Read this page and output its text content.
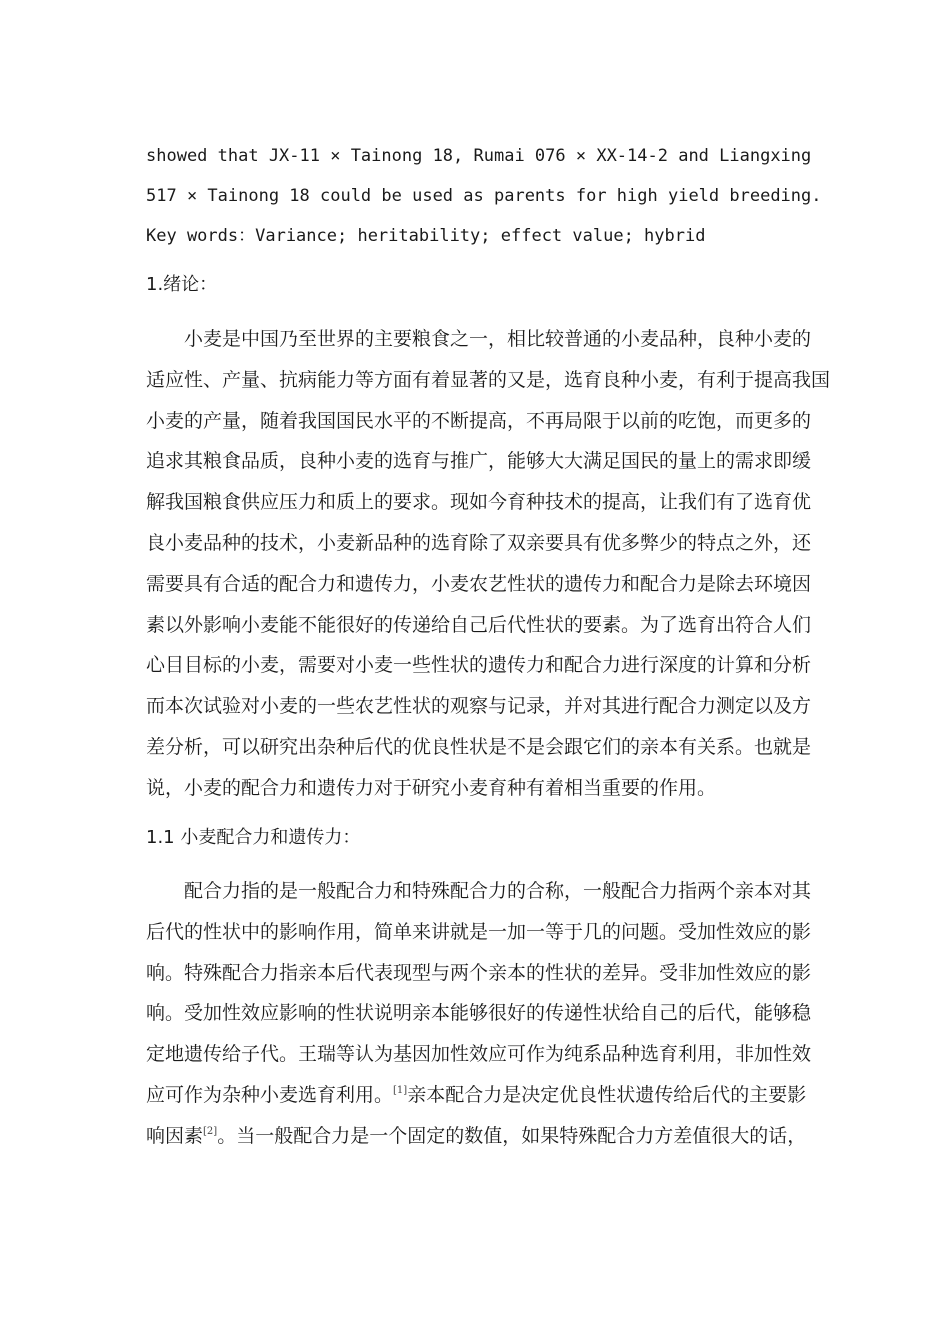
showed that JX-11 × Tainong 18, Rumai 076 × XX-14-2 and Liangxing
517 × Tainong 18 could be used as parents for high yield breeding.
Key words：Variance; heritability; effect value; hybrid
1.绪论：
小麦是中国乃至世界的主要粮食之一，相比较普通的小麦品种，良种小麦的
适应性、产量、抗病能力等方面有着显著的又是，选育良种小麦，有利于提高我国
小麦的产量，随着我国国民水平的不断提高，不再局限于以前的吃饱，而更多的
追求其粮食品质，良种小麦的选育与推广，能够大大满足国民的量上的需求即缓
解我国粮食供应压力和质上的要求。现如今育种技术的提高，让我们有了选育优
良小麦品种的技术，小麦新品种的选育除了双亲要具有优多弊少的特点之外，还
需要具有合适的配合力和遗传力，小麦农艺性状的遗传力和配合力是除去环境因
素以外影响小麦能不能很好的传递给自己后代性状的要素。为了选育出符合人们
心目目标的小麦，需要对小麦一些性状的遗传力和配合力进行深度的计算和分析
而本次试验对小麦的一些农艺性状的观察与记录，并对其进行配合力测定以及方
差分析，可以研究出杂种后代的优良性状是不是会跟它们的亲本有关系。也就是
说，小麦的配合力和遗传力对于研究小麦育种有着相当重要的作用。
1.1 小麦配合力和遗传力：
配合力指的是一般配合力和特殊配合力的合称，一般配合力指两个亲本对其
后代的性状中的影响作用，简单来讲就是一加一等于几的问题。受加性效应的影
响。特殊配合力指亲本后代表现型与两个亲本的性状的差异。受非加性效应的影
响。受加性效应影响的性状说明亲本能够很好的传递性状给自己的后代，能够稳
定地遗传给子代。王瑞等认为基因加性效应可作为纯系品种选育利用，非加性效
应可作为杂种小麦选育利用。[1]亲本配合力是决定优良性状遗传给后代的主要影
响因素[2]。当一般配合力是一个固定的数值，如果特殊配合力方差值很大的话，
